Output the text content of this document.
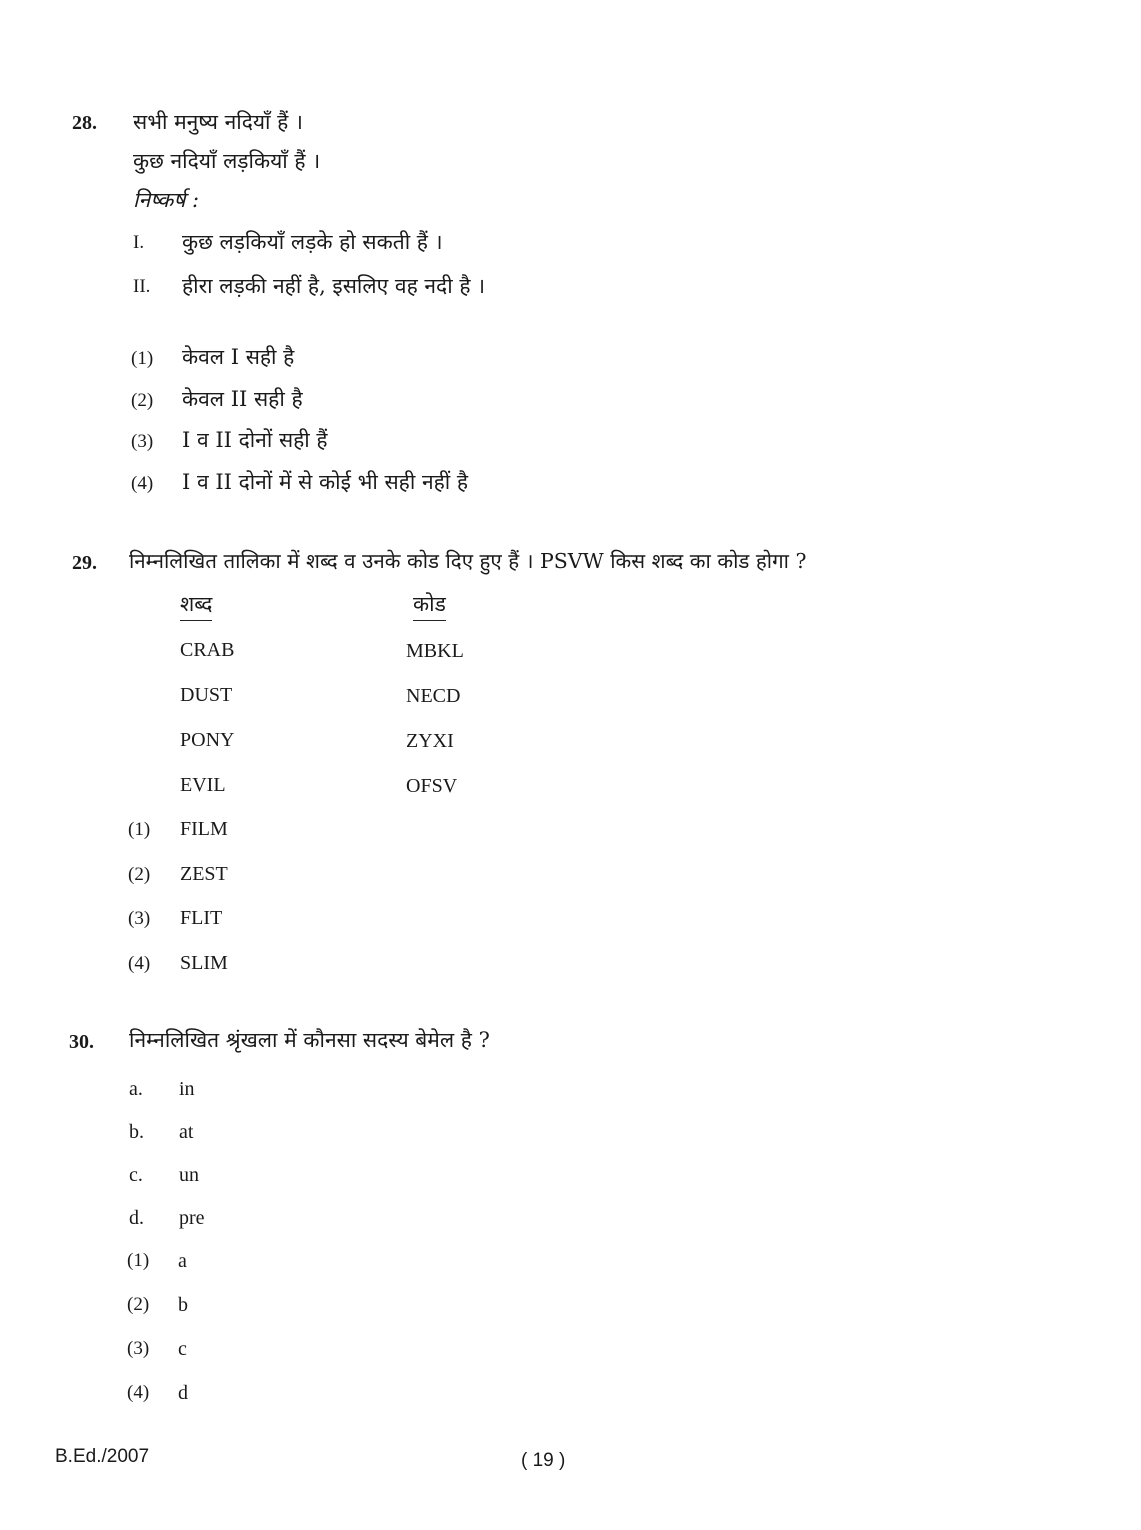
28. सभी मनुष्य नदियाँ हैं ।
कुछ नदियाँ लड़कियाँ हैं ।
निष्कर्ष :
I. कुछ लड़कियाँ लड़के हो सकती हैं ।
II. हीरा लड़की नहीं है, इसलिए वह नदी है ।
(1) केवल I सही है
(2) केवल II सही है
(3) I व II दोनों सही हैं
(4) I व II दोनों में से कोई भी सही नहीं है
29. निम्नलिखित तालिका में शब्द व उनके कोड दिए हुए हैं । PSVW किस शब्द का कोड होगा ?
शब्द	कोड
CRAB	MBKL
DUST	NECD
PONY	ZYXI
EVIL	OFSV
(1) FILM
(2) ZEST
(3) FLIT
(4) SLIM
30. निम्नलिखित श्रृंखला में कौनसा सदस्य बेमेल है ?
a. in
b. at
c. un
d. pre
(1) a
(2) b
(3) c
(4) d
B.Ed./2007	( 19 )
